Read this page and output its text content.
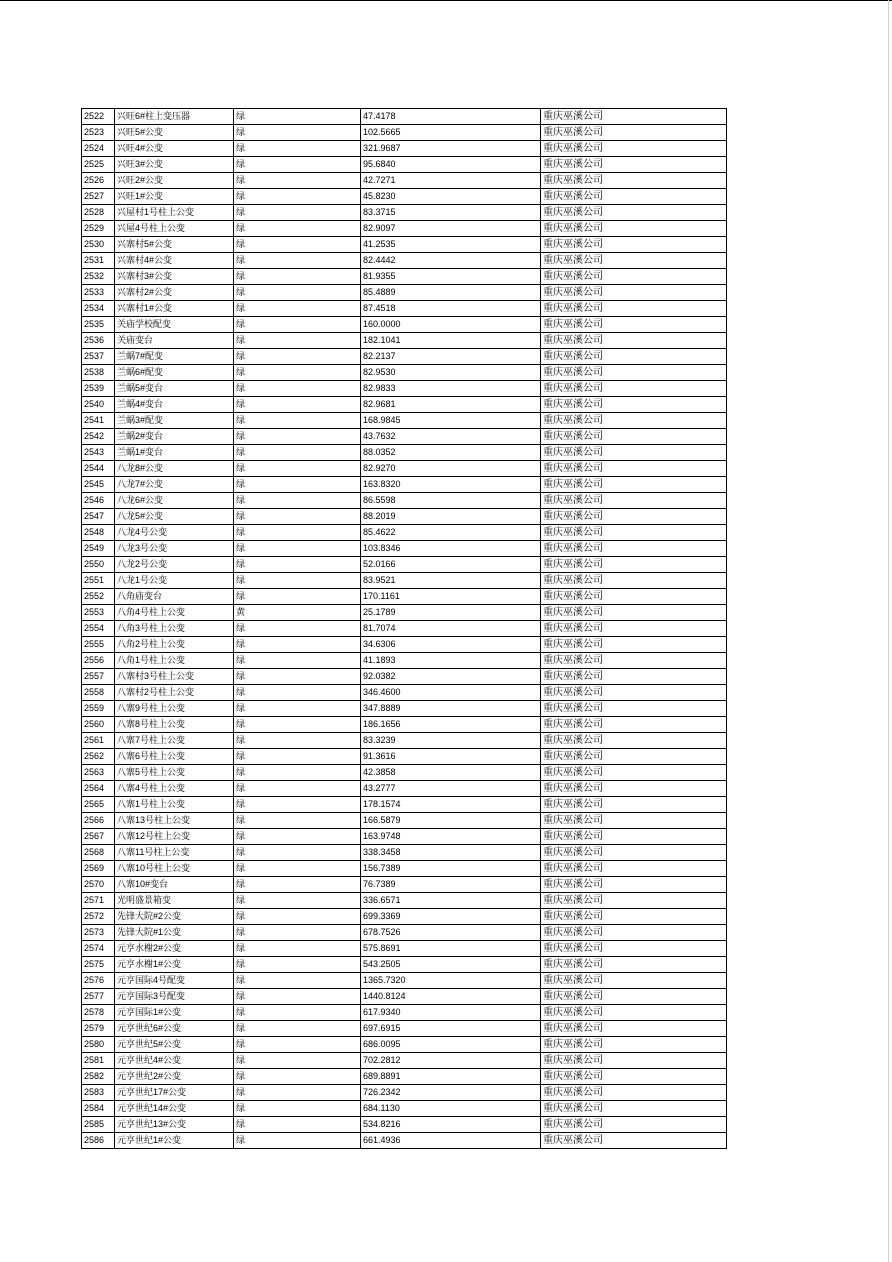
2522	兴旺6#柱上变压器	绿	47.4178	重庆巫溪公司
2523	兴旺5#公变	绿	102.5665	重庆巫溪公司
2524	兴旺4#公变	绿	321.9687	重庆巫溪公司
2525	兴旺3#公变	绿	95.6840	重庆巫溪公司
2526	兴旺2#公变	绿	42.7271	重庆巫溪公司
2527	兴旺1#公变	绿	45.8230	重庆巫溪公司
2528	兴屋村1号柱上公变	绿	83.3715	重庆巫溪公司
2529	兴屋4号柱上公变	绿	82.9097	重庆巫溪公司
2530	兴寨村5#公变	绿	41.2535	重庆巫溪公司
2531	兴寨村4#公变	绿	82.4442	重庆巫溪公司
2532	兴寨村3#公变	绿	81.9355	重庆巫溪公司
2533	兴寨村2#公变	绿	85.4889	重庆巫溪公司
2534	兴寨村1#公变	绿	87.4518	重庆巫溪公司
2535	关庙学校配变	绿	160.0000	重庆巫溪公司
2536	关庙变台	绿	182.1041	重庆巫溪公司
2537	兰蜗7#配变	绿	82.2137	重庆巫溪公司
2538	兰蜗6#配变	绿	82.9530	重庆巫溪公司
2539	兰蜗5#变台	绿	82.9833	重庆巫溪公司
2540	兰蜗4#变台	绿	82.9681	重庆巫溪公司
2541	兰蜗3#配变	绿	168.9845	重庆巫溪公司
2542	兰蜗2#变台	绿	43.7632	重庆巫溪公司
2543	兰蜗1#变台	绿	88.0352	重庆巫溪公司
2544	八龙8#公变	绿	82.9270	重庆巫溪公司
2545	八龙7#公变	绿	163.8320	重庆巫溪公司
2546	八龙6#公变	绿	86.5598	重庆巫溪公司
2547	八龙5#公变	绿	88.2019	重庆巫溪公司
2548	八龙4号公变	绿	85.4622	重庆巫溪公司
2549	八龙3号公变	绿	103.8346	重庆巫溪公司
2550	八龙2号公变	绿	52.0166	重庆巫溪公司
2551	八龙1号公变	绿	83.9521	重庆巫溪公司
2552	八角庙变台	绿	170.1161	重庆巫溪公司
2553	八角4号柱上公变	黄	25.1789	重庆巫溪公司
2554	八角3号柱上公变	绿	81.7074	重庆巫溪公司
2555	八角2号柱上公变	绿	34.6306	重庆巫溪公司
2556	八角1号柱上公变	绿	41.1893	重庆巫溪公司
2557	八寨村3号柱上公变	绿	92.0382	重庆巫溪公司
2558	八寨村2号柱上公变	绿	346.4600	重庆巫溪公司
2559	八寨9号柱上公变	绿	347.8889	重庆巫溪公司
2560	八寨8号柱上公变	绿	186.1656	重庆巫溪公司
2561	八寨7号柱上公变	绿	83.3239	重庆巫溪公司
2562	八寨6号柱上公变	绿	91.3616	重庆巫溪公司
2563	八寨5号柱上公变	绿	42.3858	重庆巫溪公司
2564	八寨4号柱上公变	绿	43.2777	重庆巫溪公司
2565	八寨1号柱上公变	绿	178.1574	重庆巫溪公司
2566	八寨13号柱上公变	绿	166.5879	重庆巫溪公司
2567	八寨12号柱上公变	绿	163.9748	重庆巫溪公司
2568	八寨11号柱上公变	绿	338.3458	重庆巫溪公司
2569	八寨10号柱上公变	绿	156.7389	重庆巫溪公司
2570	八寨10#变台	绿	76.7389	重庆巫溪公司
2571	光明盛景箱变	绿	336.6571	重庆巫溪公司
2572	先锋大院#2公变	绿	699.3369	重庆巫溪公司
2573	先锋大院#1公变	绿	678.7526	重庆巫溪公司
2574	元亨水榭2#公变	绿	575.8691	重庆巫溪公司
2575	元亨水榭1#公变	绿	543.2505	重庆巫溪公司
2576	元亨国际4号配变	绿	1365.7320	重庆巫溪公司
2577	元亨国际3号配变	绿	1440.8124	重庆巫溪公司
2578	元亨国际1#公变	绿	617.9340	重庆巫溪公司
2579	元亨世纪6#公变	绿	697.6915	重庆巫溪公司
2580	元亨世纪5#公变	绿	686.0095	重庆巫溪公司
2581	元亨世纪4#公变	绿	702.2812	重庆巫溪公司
2582	元亨世纪2#公变	绿	689.8891	重庆巫溪公司
2583	元亨世纪17#公变	绿	726.2342	重庆巫溪公司
2584	元亨世纪14#公变	绿	684.1130	重庆巫溪公司
2585	元亨世纪13#公变	绿	534.8216	重庆巫溪公司
2586	元亨世纪1#公变	绿	661.4936	重庆巫溪公司
